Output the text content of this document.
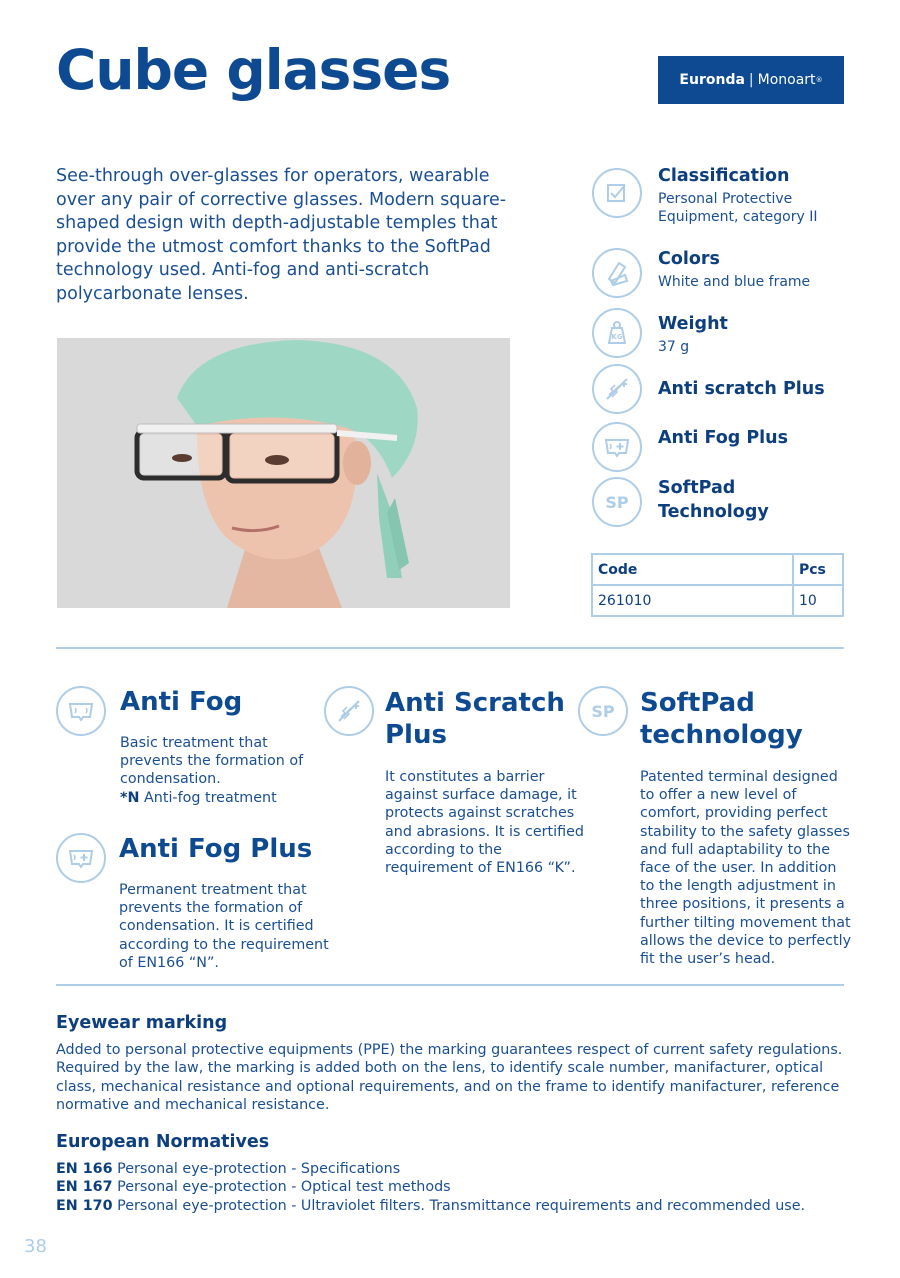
Cube glasses	Euronda | Monoart ®
See-through over-glasses for operators, wearable over any pair of corrective glasses. Modern square-shaped design with depth-adjustable temples that provide the utmost comfort thanks to the SoftPad technology used. Anti-fog and anti-scratch polycarbonate lenses.
Classification
Personal Protective Equipment, category II
Colors
White and blue frame
KG
Weight
37 g
Anti scratch Plus
Anti Fog Plus
SP
SoftPad Technology
Code	Pcs
261010	10
Anti Fog
Basic treatment that prevents the formation of condensation.
*N Anti-fog treatment
Anti Fog Plus
Permanent treatment that prevents the formation of condensation. It is certified according to the requirement of EN166 “N”.
Anti Scratch Plus
It constitutes a barrier against surface damage, it protects against scratches and abrasions. It is certified according to the requirement of EN166 “K”.
SP SoftPad technology
Patented terminal designed to offer a new level of comfort, providing perfect stability to the safety glasses and full adaptability to the face of the user. In addition to the length adjustment in three positions, it presents a further tilting movement that allows the device to perfectly fit the user’s head.
Eyewear marking
Added to personal protective equipments (PPE) the marking guarantees respect of current safety regulations. Required by the law, the marking is added both on the lens, to identify scale number, manifacturer, optical class, mechanical resistance and optional requirements, and on the frame to identify manifacturer, reference normative and mechanical resistance.
European Normatives
EN 166 Personal eye-protection - Specifications
EN 167 Personal eye-protection - Optical test methods
EN 170 Personal eye-protection - Ultraviolet filters. Transmittance requirements and recommended use.
38
